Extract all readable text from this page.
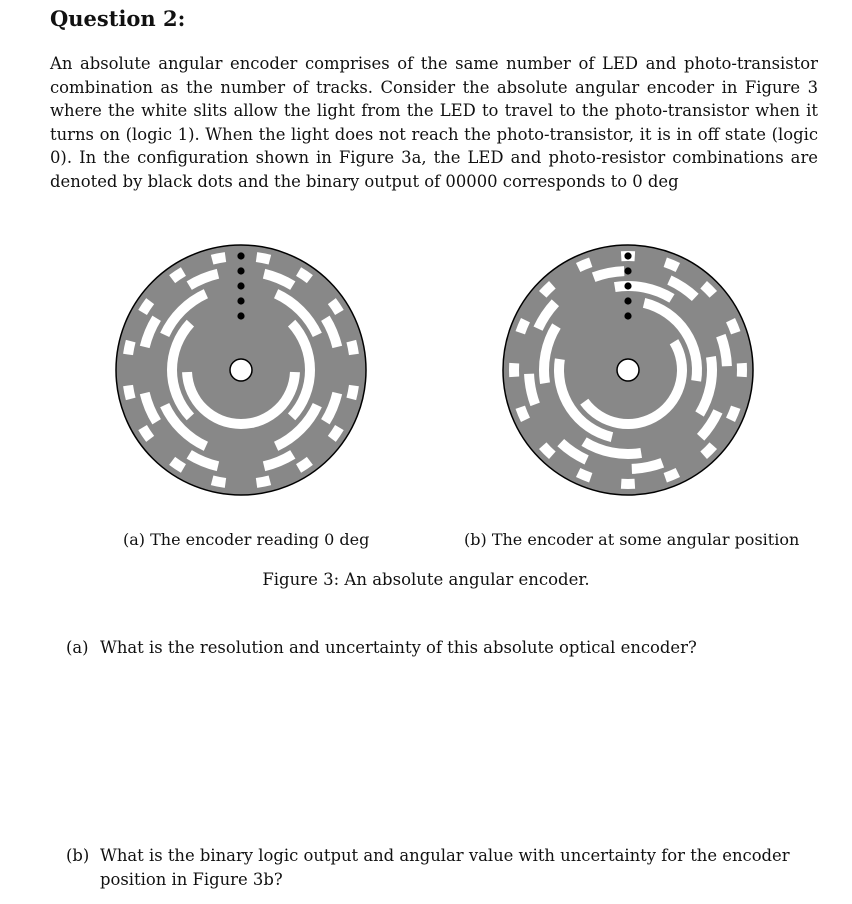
Question 2:

An absolute angular encoder comprises of the same number of LED and photo-transistor combination as the number of tracks. Consider the absolute angular encoder in Figure 3 where the white slits allow the light from the LED to travel to the photo-transistor when it turns on (logic 1). When the light does not reach the photo-transistor, it is in off state (logic 0). In the configuration shown in Figure 3a, the LED and photo-resistor combinations are denoted by black dots and the binary output of 00000 corresponds to 0 deg

(a) The encoder reading 0 deg	(b) The encoder at some angular position

Figure 3: An absolute angular encoder.

(a) What is the resolution and uncertainty of this absolute optical encoder?

(b) What is the binary logic output and angular value with uncertainty for the encoder
position in Figure 3b?
